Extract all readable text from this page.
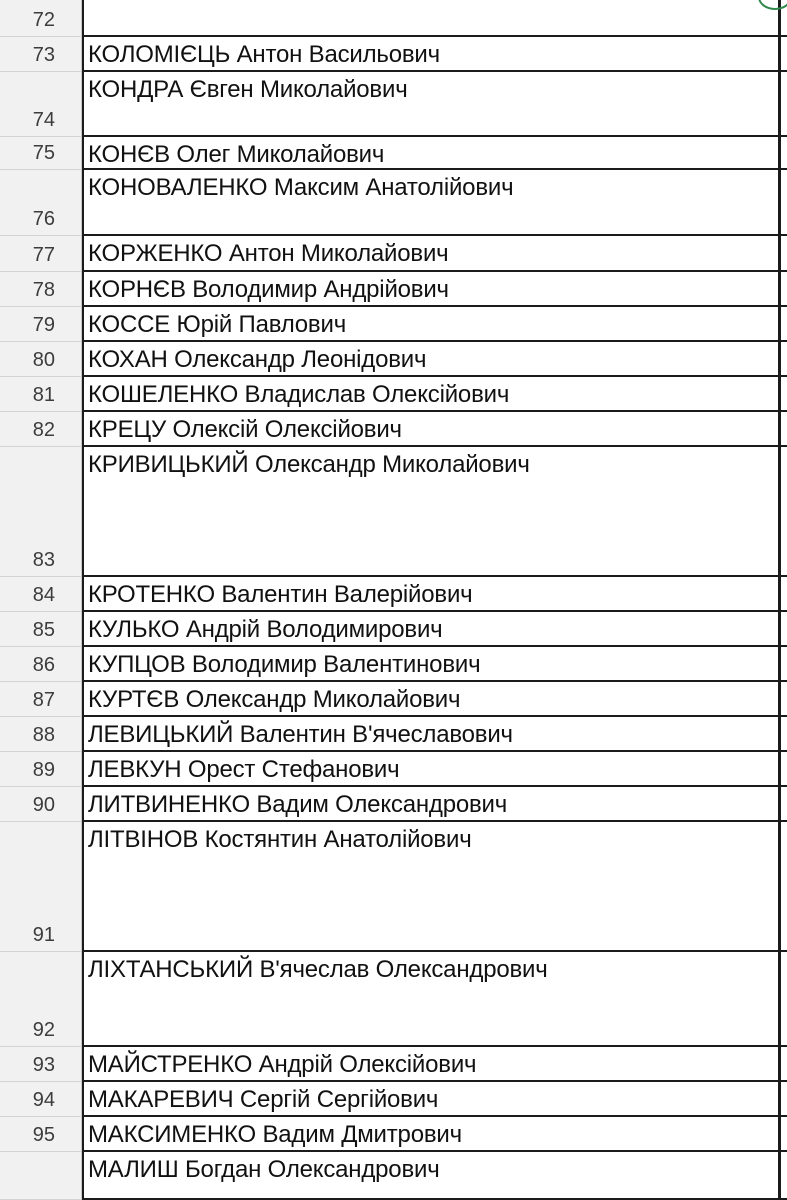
72
73 КОЛОМІЄЦЬ Антон Васильович
74
КОНДРА Євген Миколайович
75 КОНЄВ Олег Миколайович
76
КОНОВАЛЕНКО Максим Анатолійович
77 КОРЖЕНКО Антон Миколайович
78 КОРНЄВ Володимир Андрійович
79 КОССЕ Юрій Павлович
80 КОХАН Олександр Леонідович
81 КОШЕЛЕНКО Владислав Олексійович
82 КРЕЦУ Олексій Олексійович
83
КРИВИЦЬКИЙ Олександр Миколайович
84 КРОТЕНКО Валентин Валерійович
85 КУЛЬКО Андрій Володимирович
86 КУПЦОВ Володимир Валентинович
87 КУРТЄВ Олександр Миколайович
88 ЛЕВИЦЬКИЙ Валентин В'ячеславович
89 ЛЕВКУН Орест Стефанович
90 ЛИТВИНЕНКО Вадим Олександрович
91
ЛІТВІНОВ Костянтин Анатолійович
92
ЛІХТАНСЬКИЙ В'ячеслав Олександрович
93 МАЙСТРЕНКО Андрій Олексійович
94 МАКАРЕВИЧ Сергій Сергійович
95 МАКСИМЕНКО Вадим Дмитрович
МАЛИШ Богдан Олександрович
